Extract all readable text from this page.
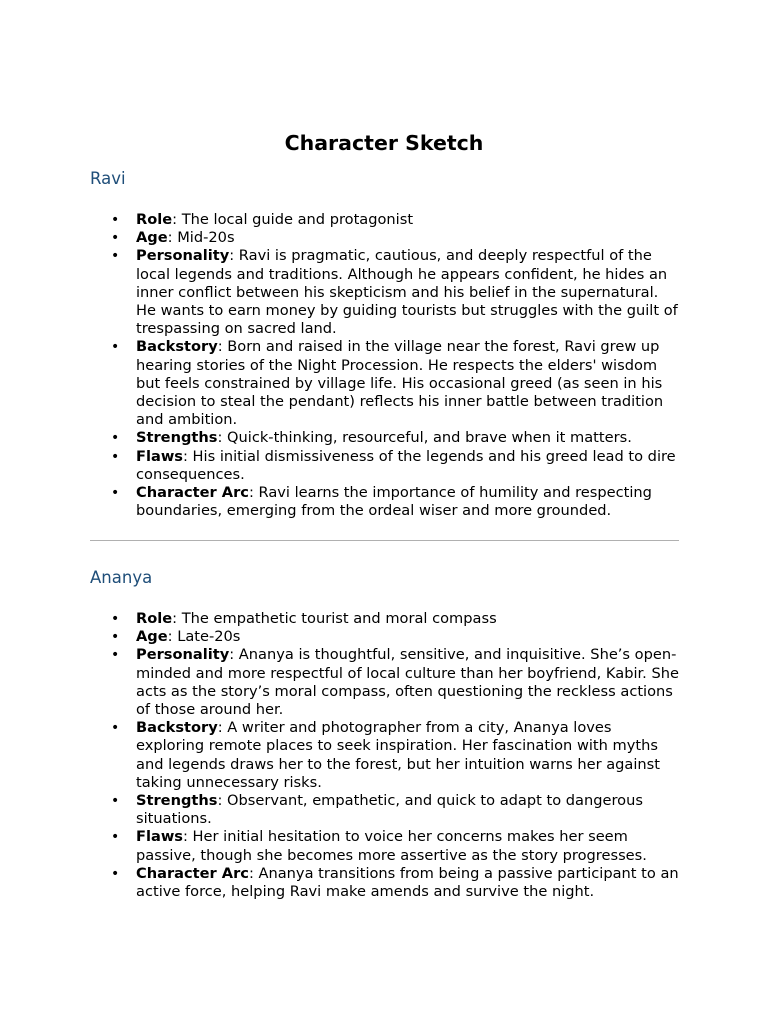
Character Sketch
Ravi
• Role: The local guide and protagonist
• Age: Mid-20s
• Personality: Ravi is pragmatic, cautious, and deeply respectful of the local legends and traditions. Although he appears confident, he hides an inner conflict between his skepticism and his belief in the supernatural. He wants to earn money by guiding tourists but struggles with the guilt of trespassing on sacred land.
• Backstory: Born and raised in the village near the forest, Ravi grew up hearing stories of the Night Procession. He respects the elders' wisdom but feels constrained by village life. His occasional greed (as seen in his decision to steal the pendant) reflects his inner battle between tradition and ambition.
• Strengths: Quick-thinking, resourceful, and brave when it matters.
• Flaws: His initial dismissiveness of the legends and his greed lead to dire consequences.
• Character Arc: Ravi learns the importance of humility and respecting boundaries, emerging from the ordeal wiser and more grounded.
Ananya
• Role: The empathetic tourist and moral compass
• Age: Late-20s
• Personality: Ananya is thoughtful, sensitive, and inquisitive. She’s open-minded and more respectful of local culture than her boyfriend, Kabir. She acts as the story’s moral compass, often questioning the reckless actions of those around her.
• Backstory: A writer and photographer from a city, Ananya loves exploring remote places to seek inspiration. Her fascination with myths and legends draws her to the forest, but her intuition warns her against taking unnecessary risks.
• Strengths: Observant, empathetic, and quick to adapt to dangerous situations.
• Flaws: Her initial hesitation to voice her concerns makes her seem passive, though she becomes more assertive as the story progresses.
• Character Arc: Ananya transitions from being a passive participant to an active force, helping Ravi make amends and survive the night.
